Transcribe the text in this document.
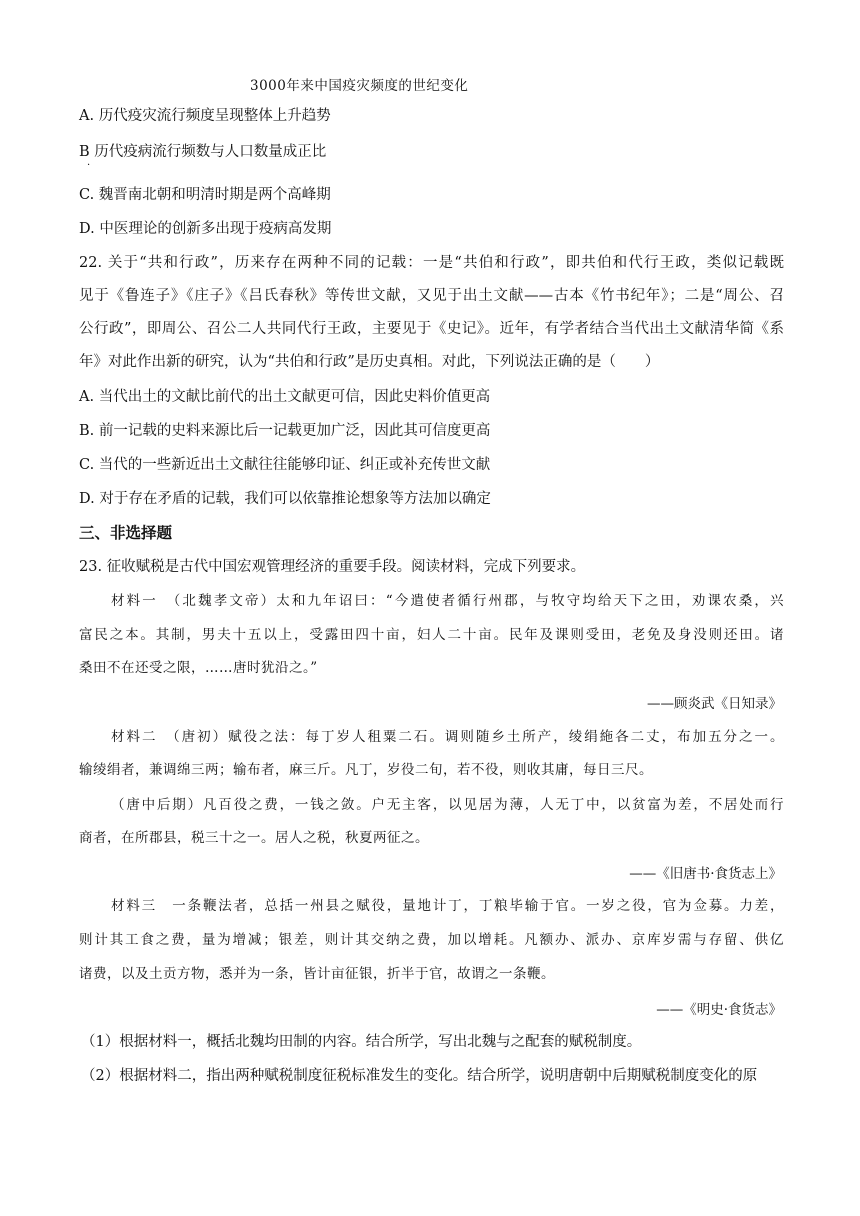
3000年来中国疫灾频度的世纪变化
A. 历代疫灾流行频度呈现整体上升趋势
B 历代疫病流行频数与人口数量成正比
·
C. 魏晋南北朝和明清时期是两个高峰期
D. 中医理论的创新多出现于疫病高发期
22. 关于“共和行政”，历来存在两种不同的记载：一是“共伯和行政”，即共伯和代行王政，类似记载既
见于《鲁连子》《庄子》《吕氏春秋》等传世文献，又见于出土文献——古本《竹书纪年》；二是“周公、召
公行政”，即周公、召公二人共同代行王政，主要见于《史记》。近年，有学者结合当代出土文献清华简《系
年》对此作出新的研究，认为“共伯和行政”是历史真相。对此，下列说法正确的是（　　）
A. 当代出土的文献比前代的出土文献更可信，因此史料价值更高
B. 前一记载的史料来源比后一记载更加广泛，因此其可信度更高
C. 当代的一些新近出土文献往往能够印证、纠正或补充传世文献
D. 对于存在矛盾的记载，我们可以依靠推论想象等方法加以确定
三、非选择题
23. 征收赋税是古代中国宏观管理经济的重要手段。阅读材料，完成下列要求。
材料一　（北魏孝文帝）太和九年诏曰：“今遣使者循行州郡，与牧守均给天下之田，劝课农桑，兴
富民之本。其制，男夫十五以上，受露田四十亩，妇人二十亩。民年及课则受田，老免及身没则还田。诸
桑田不在还受之限，……唐时犹沿之。”
——顾炎武《日知录》
材料二　（唐初）赋役之法：每丁岁人租粟二石。调则随乡土所产，绫绢絁各二丈，布加五分之一。
输绫绢者，兼调绵三两；输布者，麻三斤。凡丁，岁役二旬，若不役，则收其庸，每日三尺。
（唐中后期）凡百役之费，一钱之敛。户无主客，以见居为薄，人无丁中，以贫富为差，不居处而行
商者，在所郡县，税三十之一。居人之税，秋夏两征之。
——《旧唐书·食货志上》
材料三　一条鞭法者，总括一州县之赋役，量地计丁，丁粮毕输于官。一岁之役，官为佥募。力差，
则计其工食之费，量为增减；银差，则计其交纳之费，加以增耗。凡额办、派办、京库岁需与存留、供亿
诸费，以及土贡方物，悉并为一条，皆计亩征银，折半于官，故谓之一条鞭。
——《明史·食货志》
（1）根据材料一，概括北魏均田制的内容。结合所学，写出北魏与之配套的赋税制度。
（2）根据材料二，指出两种赋税制度征税标准发生的变化。结合所学，说明唐朝中后期赋税制度变化的原
